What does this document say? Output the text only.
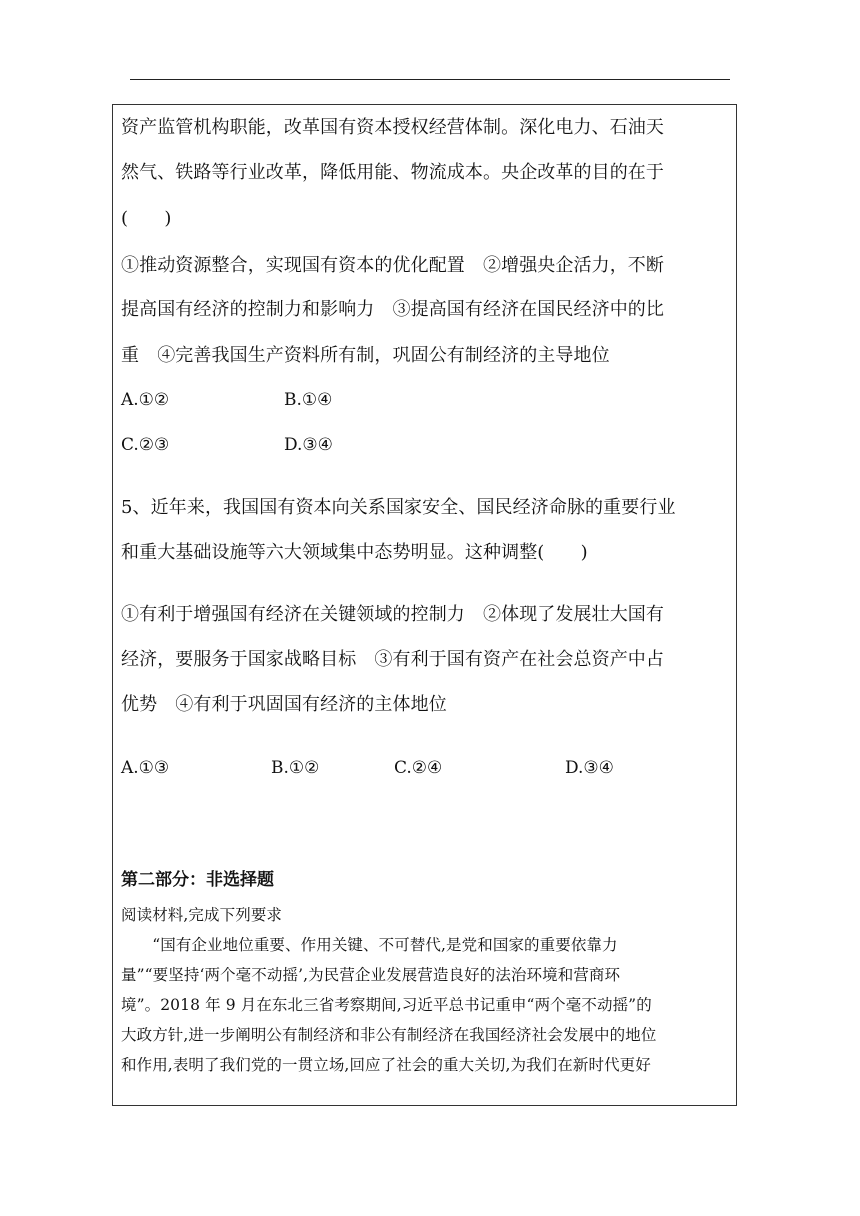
资产监管机构职能，改革国有资本授权经营体制。深化电力、石油天
然气、铁路等行业改革，降低用能、物流成本。央企改革的目的在于
(　　)
①推动资源整合，实现国有资本的优化配置　②增强央企活力，不断
提高国有经济的控制力和影响力　③提高国有经济在国民经济中的比
重　④完善我国生产资料所有制，巩固公有制经济的主导地位
A.①②	B.①④
C.②③	D.③④
5、近年来，我国国有资本向关系国家安全、国民经济命脉的重要行业
和重大基础设施等六大领域集中态势明显。这种调整(　　)
①有利于增强国有经济在关键领域的控制力　②体现了发展壮大国有
经济，要服务于国家战略目标　③有利于国有资产在社会总资产中占
优势　④有利于巩固国有经济的主体地位
A.①③	B.①②	C.②④	D.③④
第二部分：非选择题
阅读材料,完成下列要求
　　“国有企业地位重要、作用关键、不可替代,是党和国家的重要依靠力
量”“要坚持‘两个毫不动摇’,为民营企业发展营造良好的法治环境和营商环
境”。2018 年 9 月在东北三省考察期间,习近平总书记重申“两个毫不动摇”的
大政方针,进一步阐明公有制经济和非公有制经济在我国经济社会发展中的地位
和作用,表明了我们党的一贯立场,回应了社会的重大关切,为我们在新时代更好
